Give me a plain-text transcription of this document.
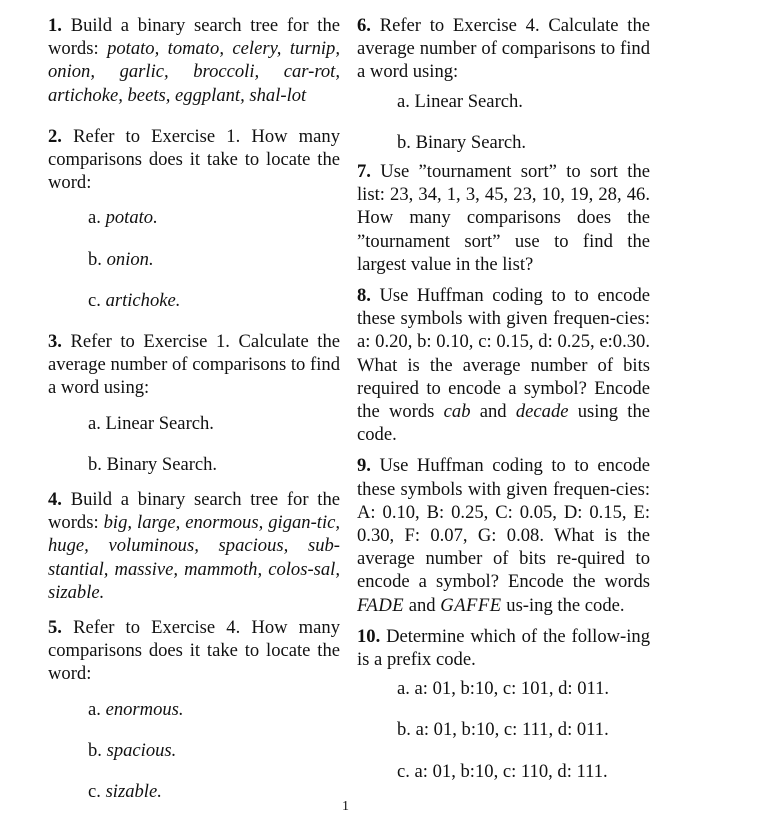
1. Build a binary search tree for the words: potato, tomato, celery, turnip, onion, garlic, broccoli, car-rot, artichoke, beets, eggplant, shal-lot

2. Refer to Exercise 1. How many comparisons does it take to locate the word:

a. potato.

b. onion.

c. artichoke.

3. Refer to Exercise 1. Calculate the average number of comparisons to find a word using:

a. Linear Search.

b. Binary Search.

4. Build a binary search tree for the words: big, large, enormous, gigan-tic, huge, voluminous, spacious, sub-stantial, massive, mammoth, colos-sal, sizable.

5. Refer to Exercise 4. How many comparisons does it take to locate the word:

a. enormous.

b. spacious.

c. sizable.

6. Refer to Exercise 4. Calculate the average number of comparisons to find a word using:

a. Linear Search.

b. Binary Search.

7. Use ”tournament sort” to sort the list: 23, 34, 1, 3, 45, 23, 10, 19, 28, 46. How many comparisons does the ”tournament sort” use to find the largest value in the list?

8. Use Huffman coding to to encode these symbols with given frequen-cies: a: 0.20, b: 0.10, c: 0.15, d: 0.25, e:0.30. What is the average number of bits required to encode a symbol? Encode the words cab and decade using the code.

9. Use Huffman coding to to encode these symbols with given frequen-cies: A: 0.10, B: 0.25, C: 0.05, D: 0.15, E: 0.30, F: 0.07, G: 0.08. What is the average number of bits re-quired to encode a symbol? Encode the words FADE and GAFFE us-ing the code.

10. Determine which of the follow-ing is a prefix code.

a. a: 01, b:10, c: 101, d: 011.

b. a: 01, b:10, c: 111, d: 011.

c. a: 01, b:10, c: 110, d: 111.

1
